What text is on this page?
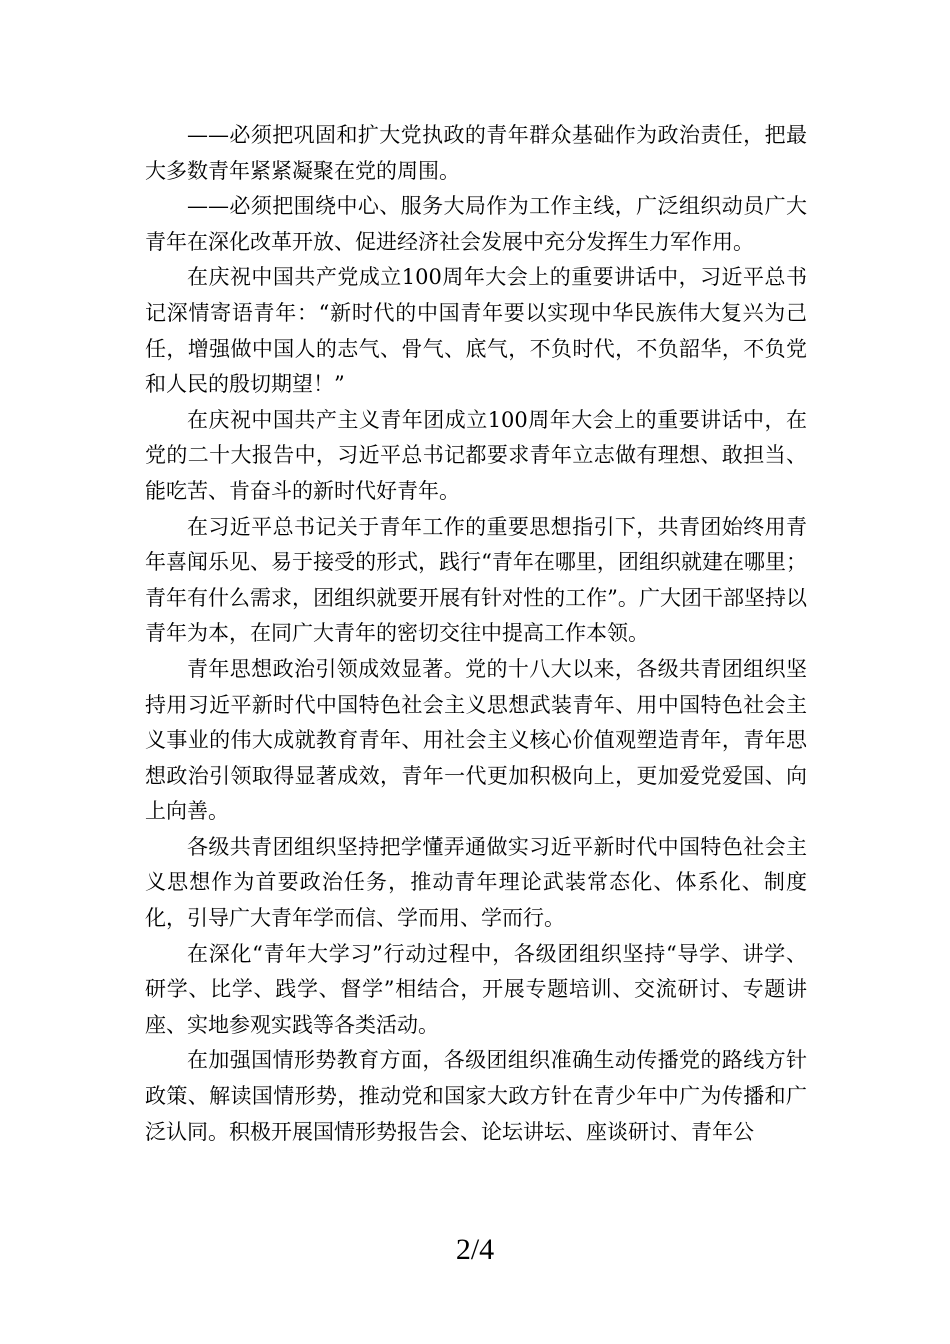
——必须把巩固和扩大党执政的青年群众基础作为政治责任，把最大多数青年紧紧凝聚在党的周围。

——必须把围绕中心、服务大局作为工作主线，广泛组织动员广大青年在深化改革开放、促进经济社会发展中充分发挥生力军作用。

在庆祝中国共产党成立100周年大会上的重要讲话中，习近平总书记深情寄语青年：“新时代的中国青年要以实现中华民族伟大复兴为己任，增强做中国人的志气、骨气、底气，不负时代，不负韶华，不负党和人民的殷切期望！”

在庆祝中国共产主义青年团成立100周年大会上的重要讲话中，在党的二十大报告中，习近平总书记都要求青年立志做有理想、敢担当、能吃苦、肯奋斗的新时代好青年。

在习近平总书记关于青年工作的重要思想指引下，共青团始终用青年喜闻乐见、易于接受的形式，践行“青年在哪里，团组织就建在哪里；青年有什么需求，团组织就要开展有针对性的工作”。广大团干部坚持以青年为本，在同广大青年的密切交往中提高工作本领。

青年思想政治引领成效显著。党的十八大以来，各级共青团组织坚持用习近平新时代中国特色社会主义思想武装青年、用中国特色社会主义事业的伟大成就教育青年、用社会主义核心价值观塑造青年，青年思想政治引领取得显著成效，青年一代更加积极向上，更加爱党爱国、向上向善。

各级共青团组织坚持把学懂弄通做实习近平新时代中国特色社会主义思想作为首要政治任务，推动青年理论武装常态化、体系化、制度化，引导广大青年学而信、学而用、学而行。

在深化“青年大学习”行动过程中，各级团组织坚持“导学、讲学、研学、比学、践学、督学”相结合，开展专题培训、交流研讨、专题讲座、实地参观实践等各类活动。

在加强国情形势教育方面，各级团组织准确生动传播党的路线方针政策、解读国情形势，推动党和国家大政方针在青少年中广为传播和广泛认同。积极开展国情形势报告会、论坛讲坛、座谈研讨、青年公

2/4
